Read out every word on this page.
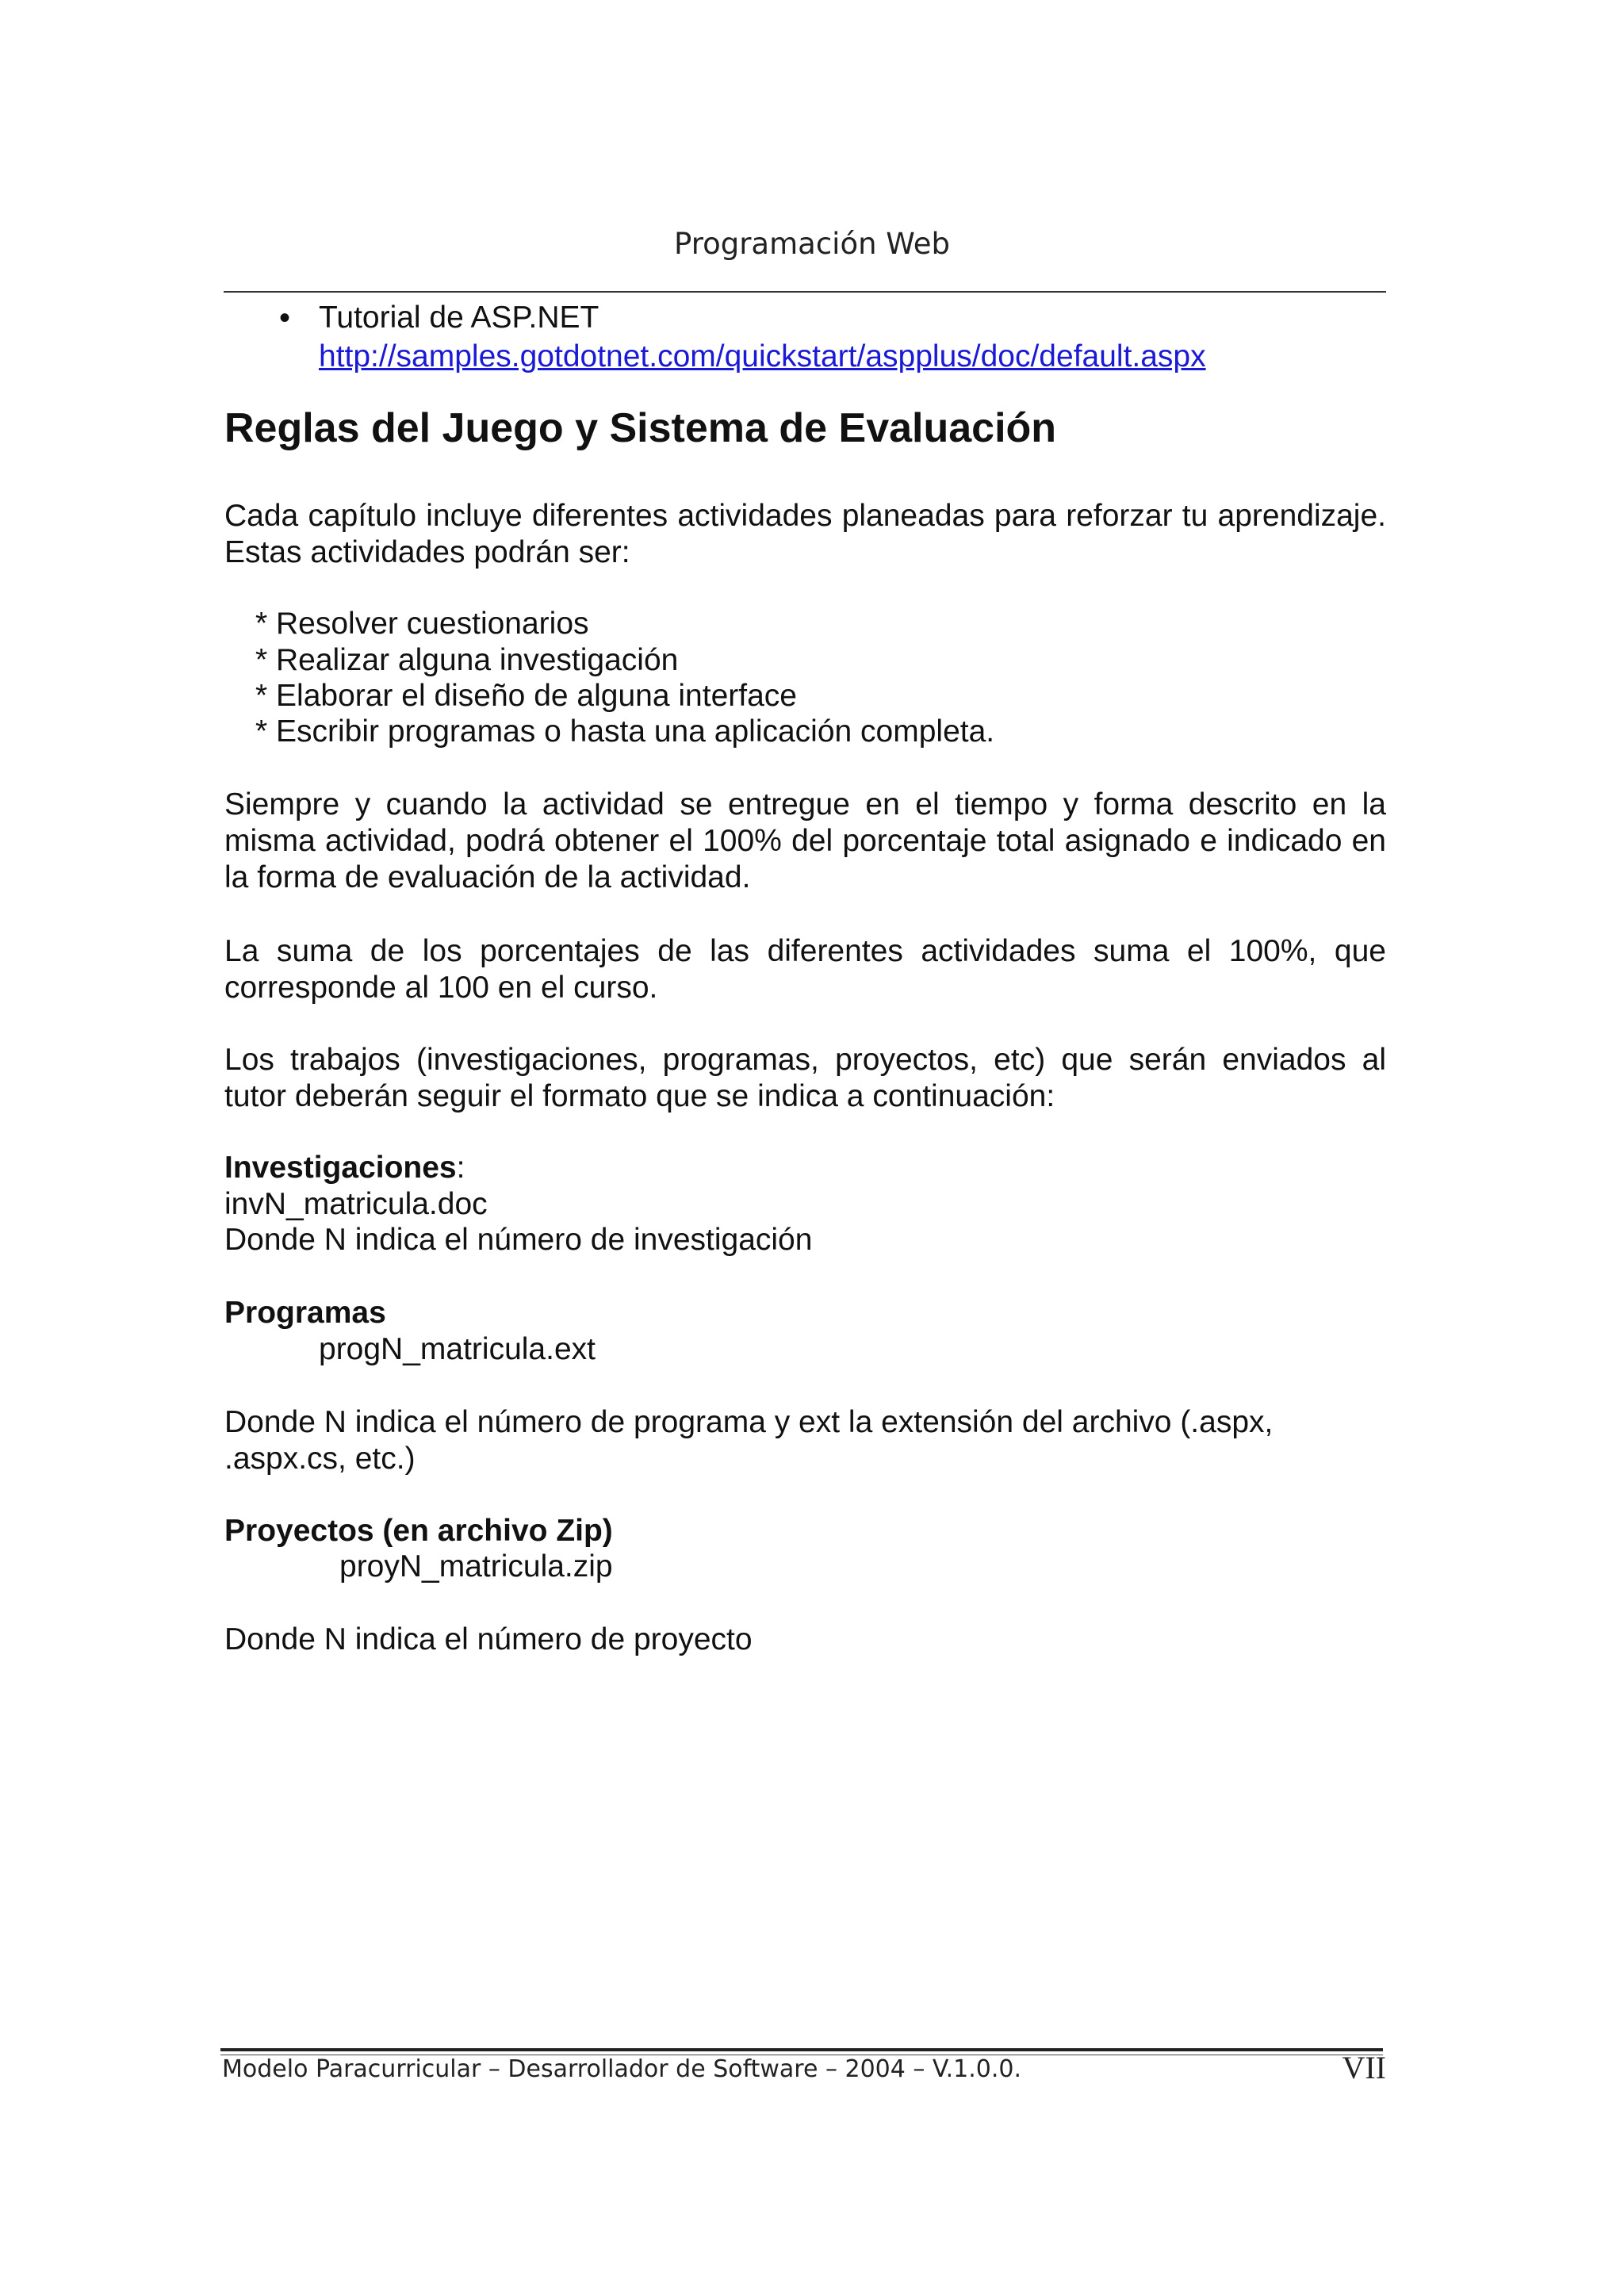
Programación Web
• Tutorial de ASP.NET
http://samples.gotdotnet.com/quickstart/aspplus/doc/default.aspx
Reglas del Juego y Sistema de Evaluación
Cada capítulo incluye diferentes actividades planeadas para reforzar tu aprendizaje. Estas actividades podrán ser:
* Resolver cuestionarios
* Realizar alguna investigación
* Elaborar el diseño de alguna interface
* Escribir programas o hasta una aplicación completa.
Siempre y cuando la actividad se entregue en el tiempo y forma descrito en la misma actividad, podrá obtener el 100% del porcentaje total asignado e indicado en la forma de evaluación de la actividad.
La suma de los porcentajes de las diferentes actividades suma el 100%, que corresponde al 100 en el curso.
Los trabajos (investigaciones, programas, proyectos, etc) que serán enviados al tutor deberán seguir el formato que se indica a continuación:
Investigaciones:
invN_matricula.doc
Donde N indica el número de investigación
Programas
progN_matricula.ext
Donde N indica el número de programa y ext la extensión del archivo (.aspx, .aspx.cs, etc.)
Proyectos (en archivo Zip)
proyN_matricula.zip
Donde N indica el número de proyecto
Modelo Paracurricular – Desarrollador de Software – 2004 – V.1.0.0.	VII
